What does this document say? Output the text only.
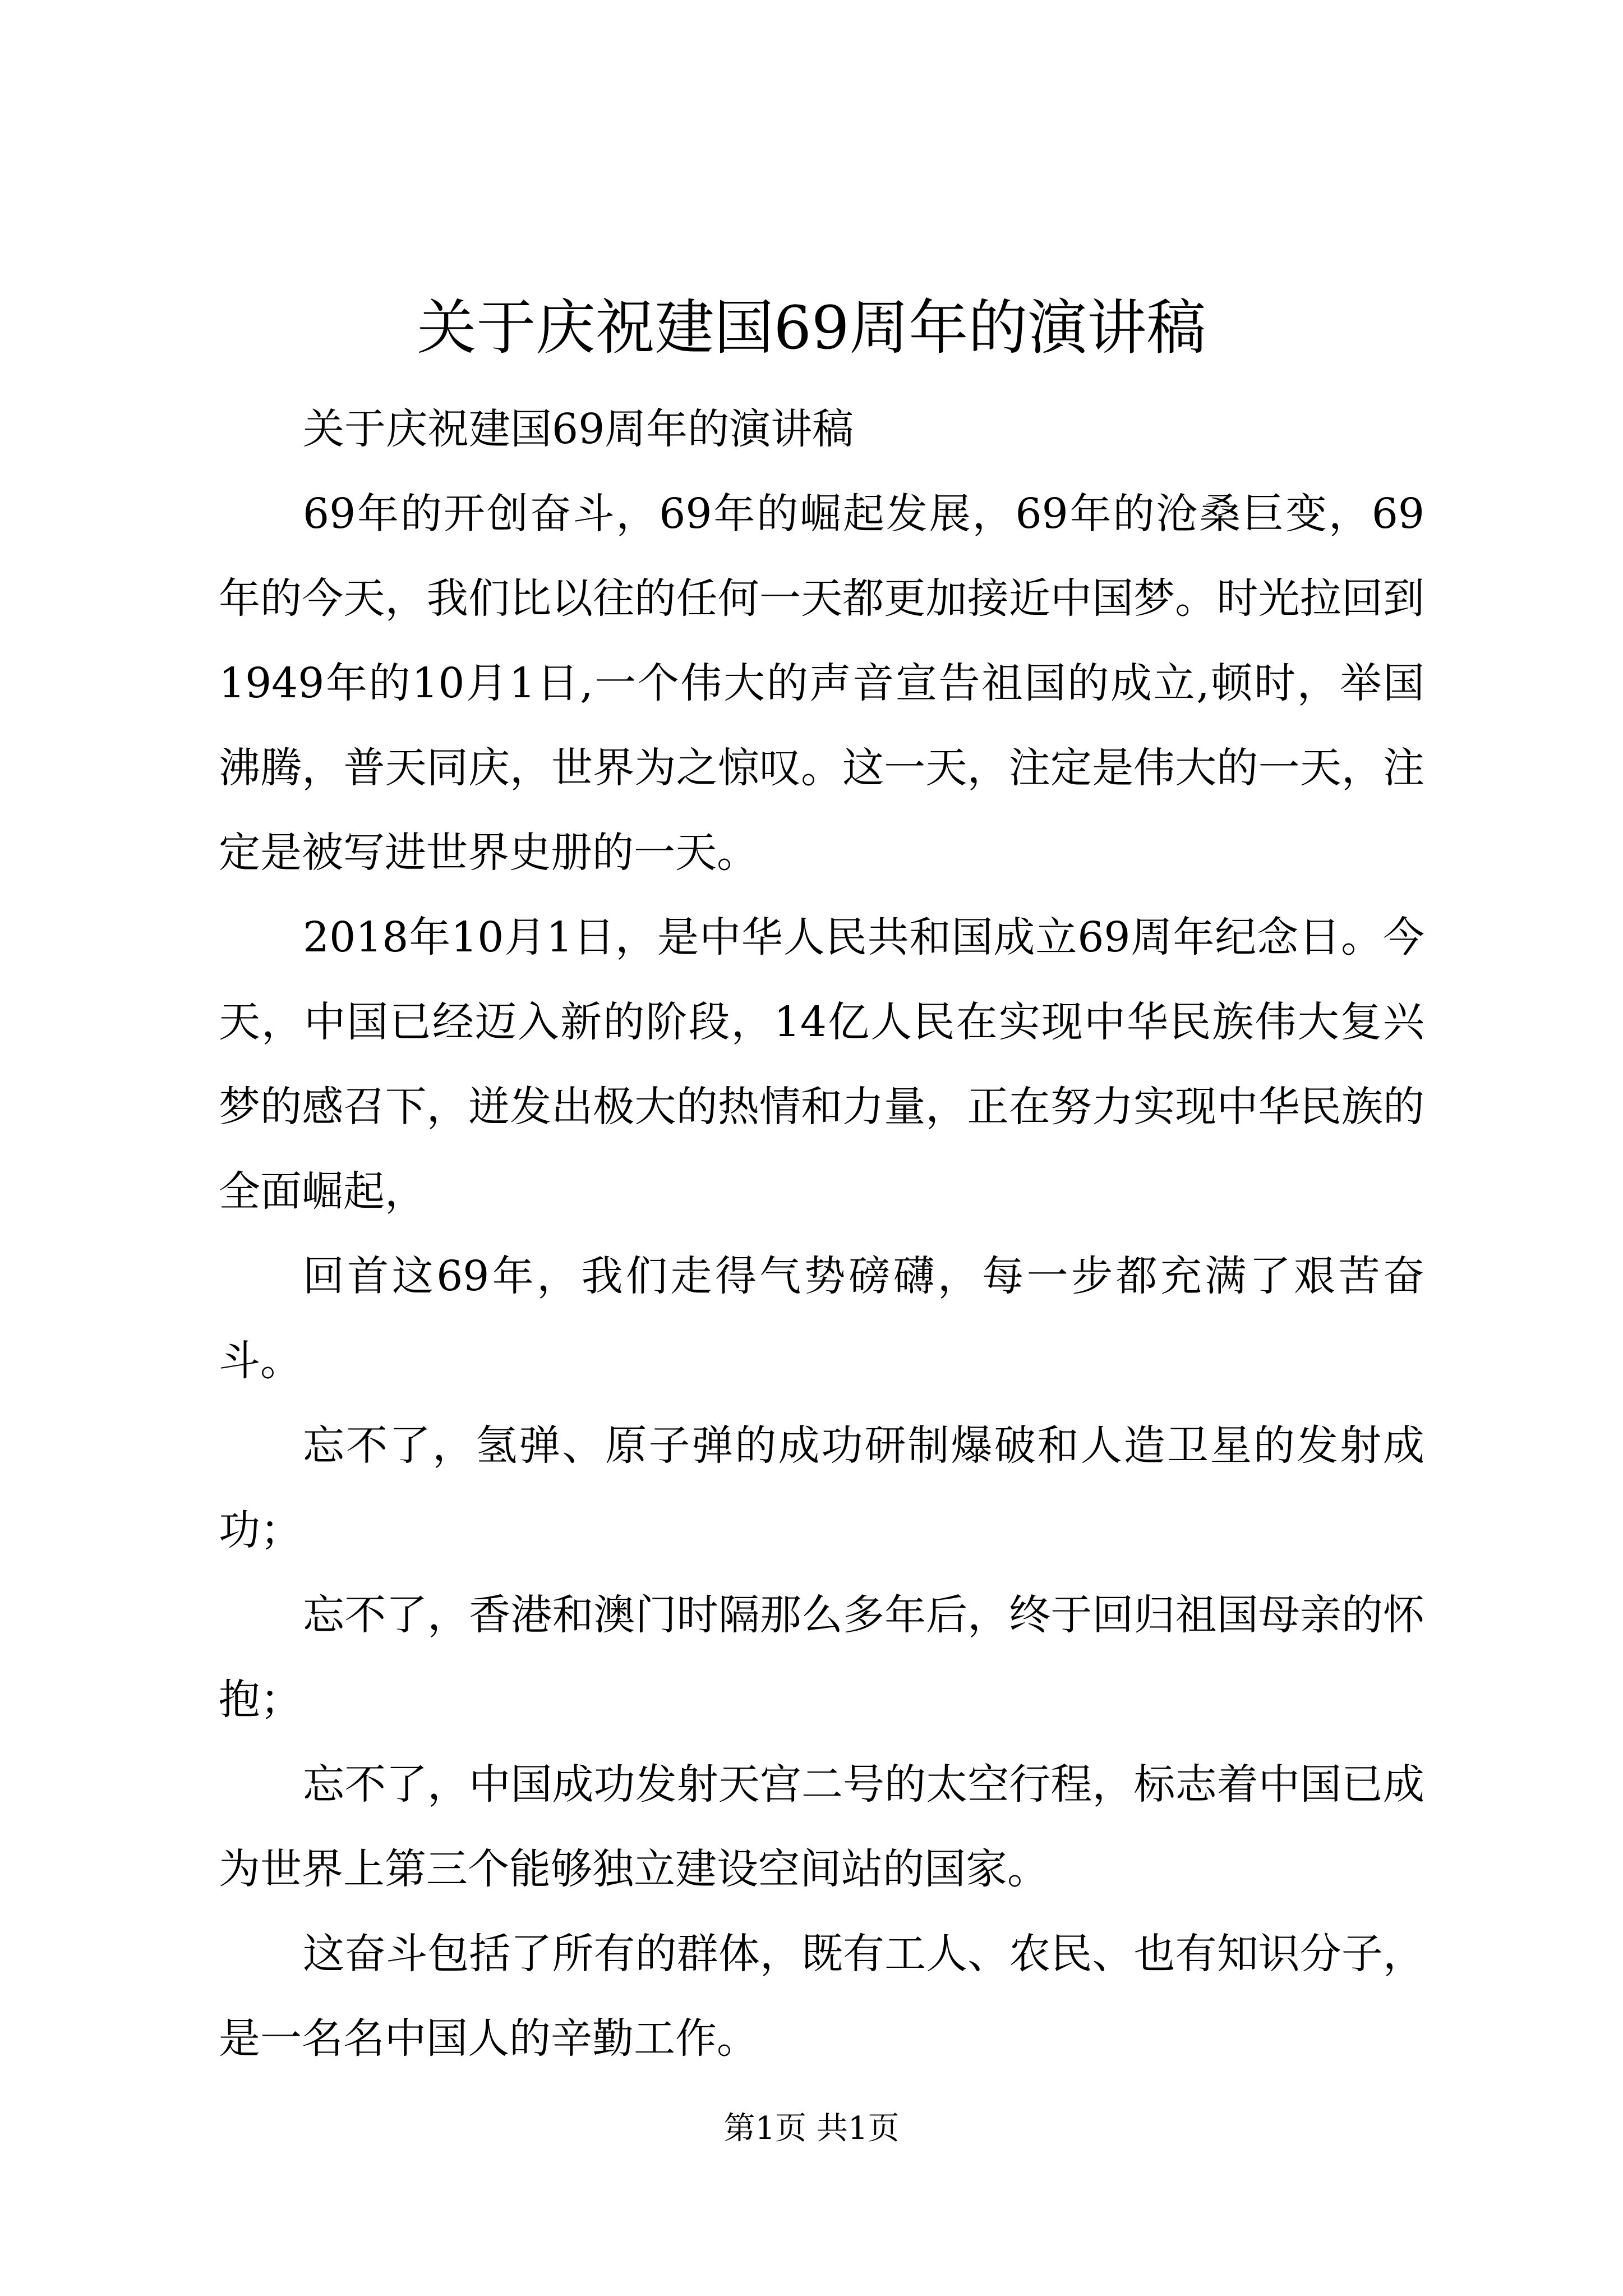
关于庆祝建国69周年的演讲稿

关于庆祝建国69周年的演讲稿

69年的开创奋斗，69年的崛起发展，69年的沧桑巨变，69年的今天，我们比以往的任何一天都更加接近中国梦。时光拉回到1949年的10月1日,一个伟大的声音宣告祖国的成立,顿时，举国沸腾，普天同庆，世界为之惊叹。这一天，注定是伟大的一天，注定是被写进世界史册的一天。

2018年10月1日，是中华人民共和国成立69周年纪念日。今天，中国已经迈入新的阶段，14亿人民在实现中华民族伟大复兴梦的感召下，迸发出极大的热情和力量，正在努力实现中华民族的全面崛起，

回首这69年，我们走得气势磅礴，每一步都充满了艰苦奋斗。

忘不了，氢弹、原子弹的成功研制爆破和人造卫星的发射成功；

忘不了，香港和澳门时隔那么多年后，终于回归祖国母亲的怀抱；

忘不了，中国成功发射天宫二号的太空行程，标志着中国已成为世界上第三个能够独立建设空间站的国家。

这奋斗包括了所有的群体，既有工人、农民、也有知识分子，是一名名中国人的辛勤工作。

第1页 共1页
